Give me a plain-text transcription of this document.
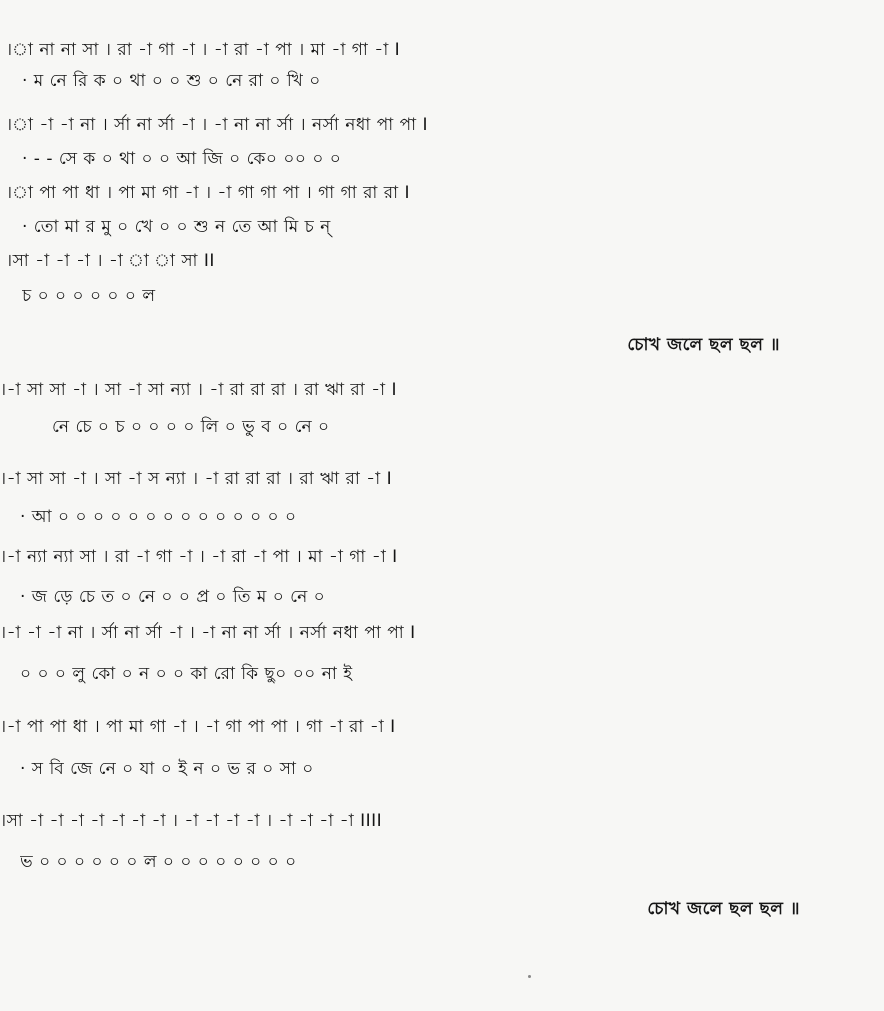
।া না না সা । রা -া গা -া । -া রা -া পা । মা -া গা -া I
· ম নে রি ক ০ থা ০ ০ শু ০ নে রা ০ খি ০
।া -া -া না । র্সা না র্সা -া । -া না না র্সা । নর্সা নধা পা পা I
· - - সে ক ০ থা ০ ০ আ জি ০ কে০ ০০ ০ ০
।া পা পা ধা । পা মা গা -া । -া গা গা পা । গা গা রা রা I
· তো মা র মু ০ খে ০ ০ শু ন তে আ মি চ ন্
।সা -া -া -া । -া া া সা II
চ ০ ০ ০ ০ ০ ০ ল
চোখ জলে ছল ছল ॥
।-া সা সা -া । সা -া সা ন্যা । -া রা রা রা । রা ঋা রা -া I
নে চে ০ চ ০ ০ ০ ০ লি ০ ভু ব ০ নে ০
।-া সা সা -া । সা -া স ন্যা । -া রা রা রা । রা ঋা রা -া I
· আ ০ ০ ০ ০ ০ ০ ০ ০ ০ ০ ০ ০ ০ ০
।-া ন্যা ন্যা সা । রা -া গা -া । -া রা -া পা । মা -া গা -া I
· জ ড়ে চে ত ০ নে ০ ০ প্র ০ তি ম ০ নে ০
।-া -া -া না । র্সা না র্সা -া । -া না না র্সা । নর্সা নধা পা পা I
০ ০ ০ লু কো ০ ন ০ ০ কা রো কি ছু০ ০০ না ই
।-া পা পা ধা । পা মা গা -া । -া গা পা পা । গা -া রা -া I
· স বি জে নে ০ যা ০ ই ন ০ ভ র ০ সা ০
।সা -া -া -া -া -া -া -া । -া -া -া -া । -া -া -া -া IIII
ভ ০ ০ ০ ০ ০ ০ ল ০ ০ ০ ০ ০ ০ ০ ০
চোখ জলে ছল ছল ॥
